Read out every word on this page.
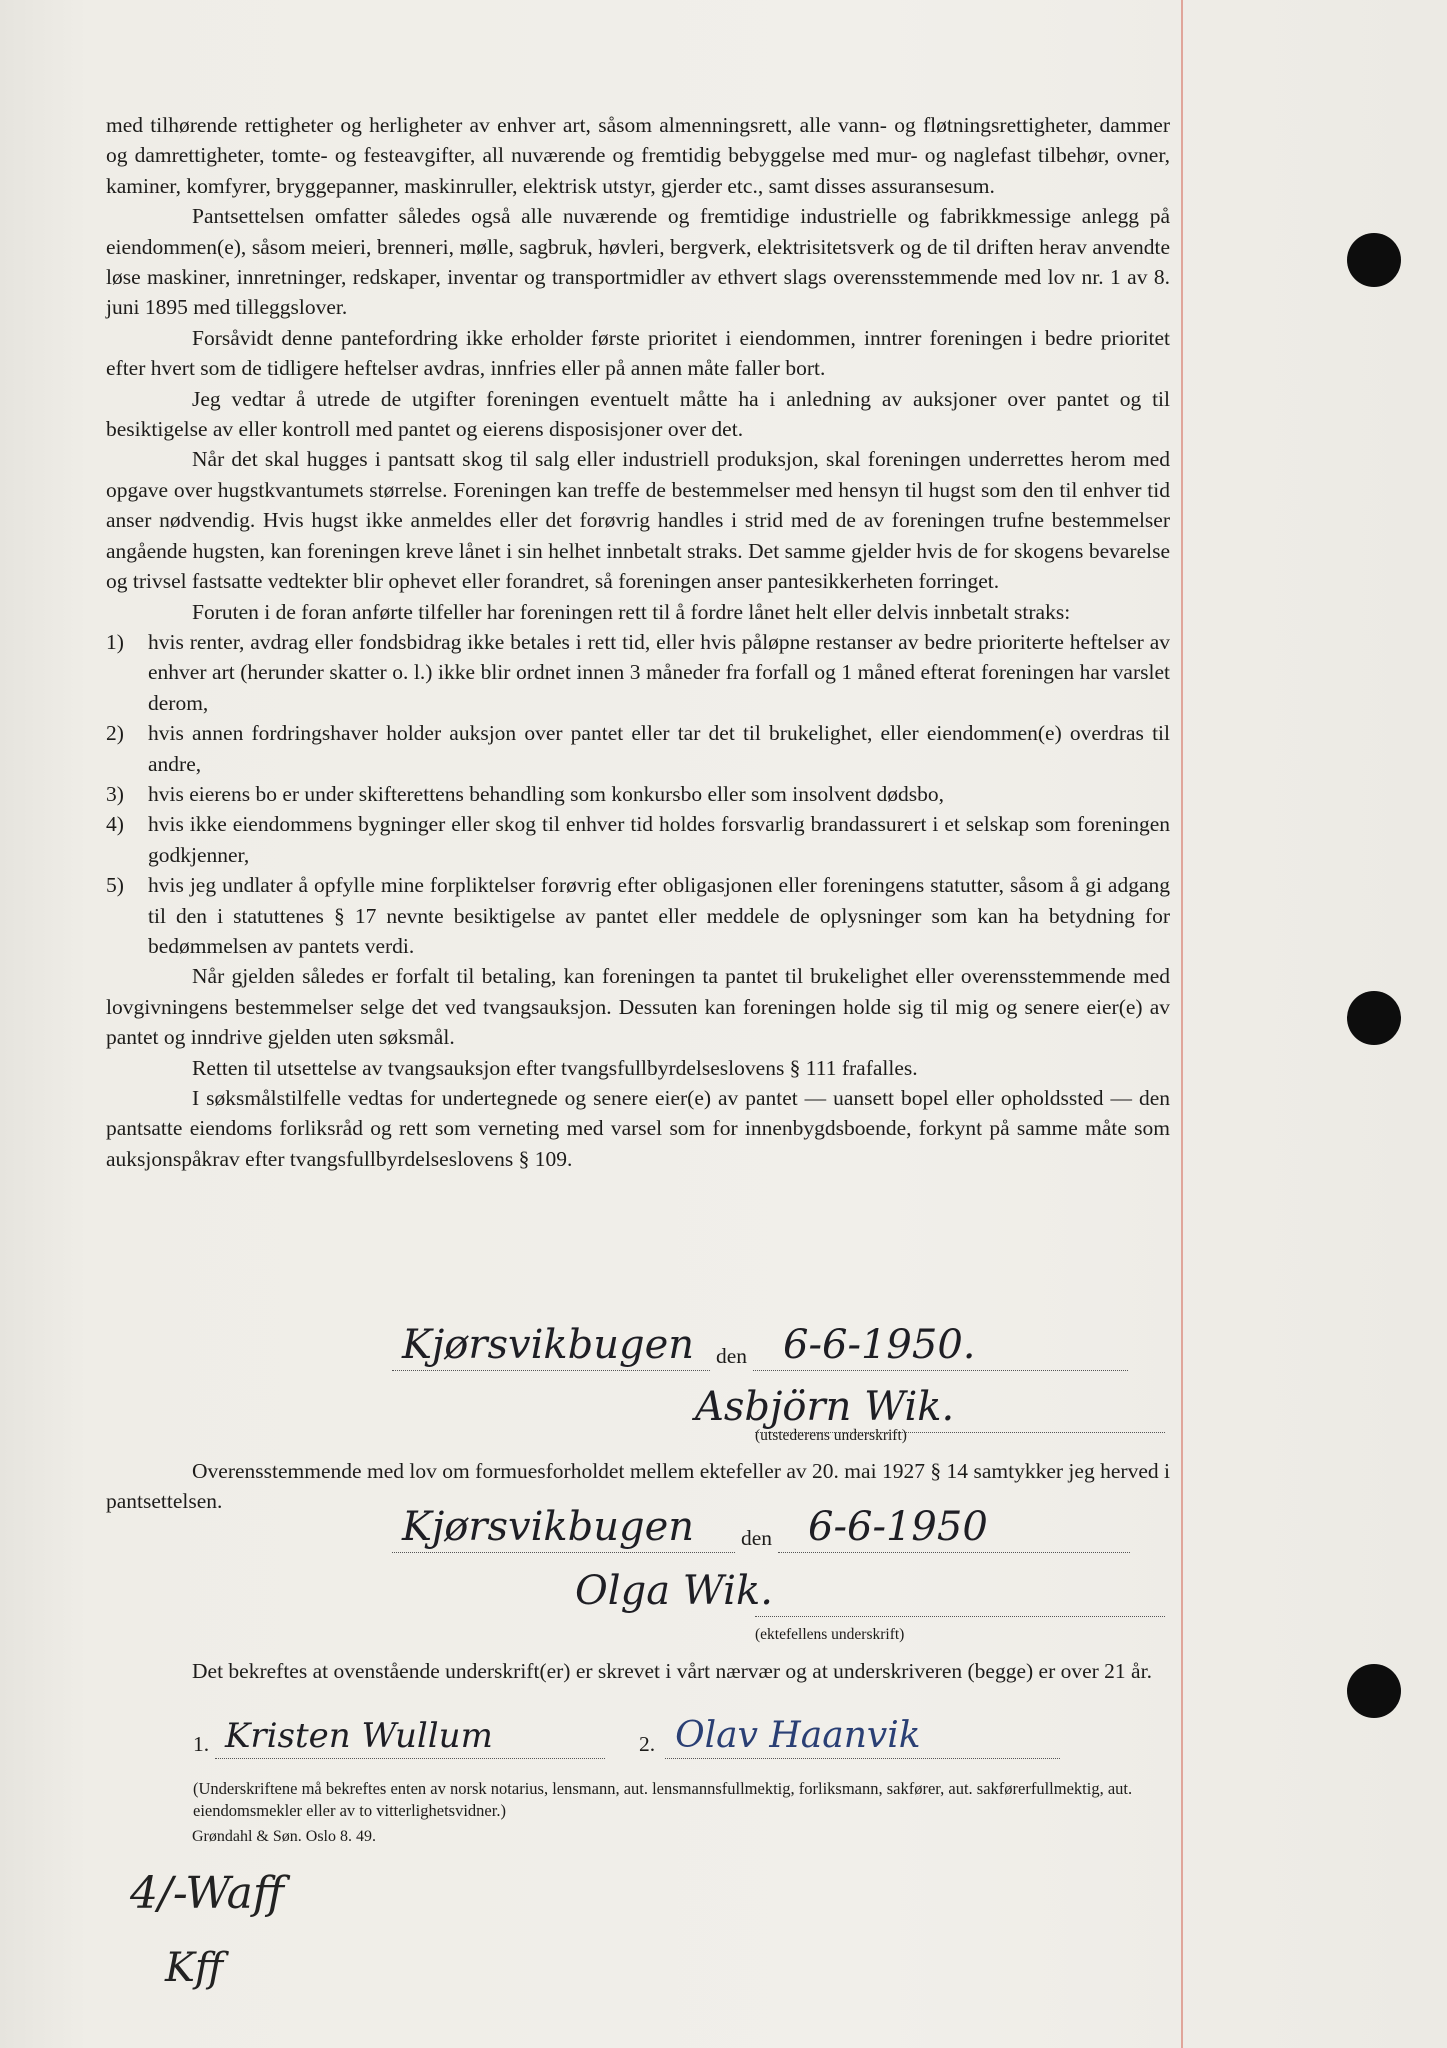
med tilhørende rettigheter og herligheter av enhver art, såsom almenningsrett, alle vann- og fløtningsrettigheter, dammer og damrettigheter, tomte- og festeavgifter, all nuværende og fremtidig bebyggelse med mur- og naglefast tilbehør, ovner, kaminer, komfyrer, bryggepanner, maskinruller, elektrisk utstyr, gjerder etc., samt disses assuransesum.

Pantsettelsen omfatter således også alle nuværende og fremtidige industrielle og fabrikkmessige anlegg på eiendommen(e), såsom meieri, brenneri, mølle, sagbruk, høvleri, bergverk, elektrisitetsverk og de til driften herav anvendte løse maskiner, innretninger, redskaper, inventar og transportmidler av ethvert slags overensstemmende med lov nr. 1 av 8. juni 1895 med tilleggslover.

Forsåvidt denne pantefordring ikke erholder første prioritet i eiendommen, inntrer foreningen i bedre prioritet efter hvert som de tidligere heftelser avdras, innfries eller på annen måte faller bort.

Jeg vedtar å utrede de utgifter foreningen eventuelt måtte ha i anledning av auksjoner over pantet og til besiktigelse av eller kontroll med pantet og eierens disposisjoner over det.

Når det skal hugges i pantsatt skog til salg eller industriell produksjon, skal foreningen underrettes herom med opgave over hugstkvantumets størrelse. Foreningen kan treffe de bestemmelser med hensyn til hugst som den til enhver tid anser nødvendig. Hvis hugst ikke anmeldes eller det forøvrig handles i strid med de av foreningen trufne bestemmelser angående hugsten, kan foreningen kreve lånet i sin helhet innbetalt straks. Det samme gjelder hvis de for skogens bevarelse og trivsel fastsatte vedtekter blir ophevet eller forandret, så foreningen anser pantesikkerheten forringet.

Foruten i de foran anførte tilfeller har foreningen rett til å fordre lånet helt eller delvis innbetalt straks:

1)	hvis renter, avdrag eller fondsbidrag ikke betales i rett tid, eller hvis påløpne restanser av bedre prioriterte heftelser av enhver art (herunder skatter o. l.) ikke blir ordnet innen 3 måneder fra forfall og 1 måned efterat foreningen har varslet derom,
2)	hvis annen fordringshaver holder auksjon over pantet eller tar det til brukelighet, eller eiendommen(e) overdras til andre,
3)	hvis eierens bo er under skifterettens behandling som konkursbo eller som insolvent dødsbo,
4)	hvis ikke eiendommens bygninger eller skog til enhver tid holdes forsvarlig brandassurert i et selskap som foreningen godkjenner,
5)	hvis jeg undlater å opfylle mine forpliktelser forøvrig efter obligasjonen eller foreningens statutter, såsom å gi adgang til den i statuttenes § 17 nevnte besiktigelse av pantet eller meddele de oplysninger som kan ha betydning for bedømmelsen av pantets verdi.

Når gjelden således er forfalt til betaling, kan foreningen ta pantet til brukelighet eller overensstemmende med lovgivningens bestemmelser selge det ved tvangsauksjon. Dessuten kan foreningen holde sig til mig og senere eier(e) av pantet og inndrive gjelden uten søksmål.

Retten til utsettelse av tvangsauksjon efter tvangsfullbyrdelseslovens § 111 frafalles.

I søksmålstilfelle vedtas for undertegnede og senere eier(e) av pantet — uansett bopel eller opholdssted — den pantsatte eiendoms forliksråd og rett som verneting med varsel som for innenbygdsboende, forkynt på samme måte som auksjonspåkrav efter tvangsfullbyrdelseslovens § 109.

Kjørsvikbugen den 6-6-1950.
Asbjörn Wik.
(utstederens underskrift)

Overensstemmende med lov om formuesforholdet mellem ektefeller av 20. mai 1927 § 14 samtykker jeg herved i pantsettelsen.

Kjørsvikbugen den 6-6-1950
Olga Wik.
(ektefellens underskrift)

Det bekreftes at ovenstående underskrift(er) er skrevet i vårt nærvær og at underskriveren (begge) er over 21 år.

1. Kristen Wullum	2. Olav Haanvik

(Underskriftene må bekreftes enten av norsk notarius, lensmann, aut. lensmannsfullmektig, forliksmann, sakfører, aut. sakførerfullmektig, aut. eiendomsmekler eller av to vitterlighetsvidner.)

Grøndahl & Søn. Oslo 8. 49.
4/-Waff
Kff
